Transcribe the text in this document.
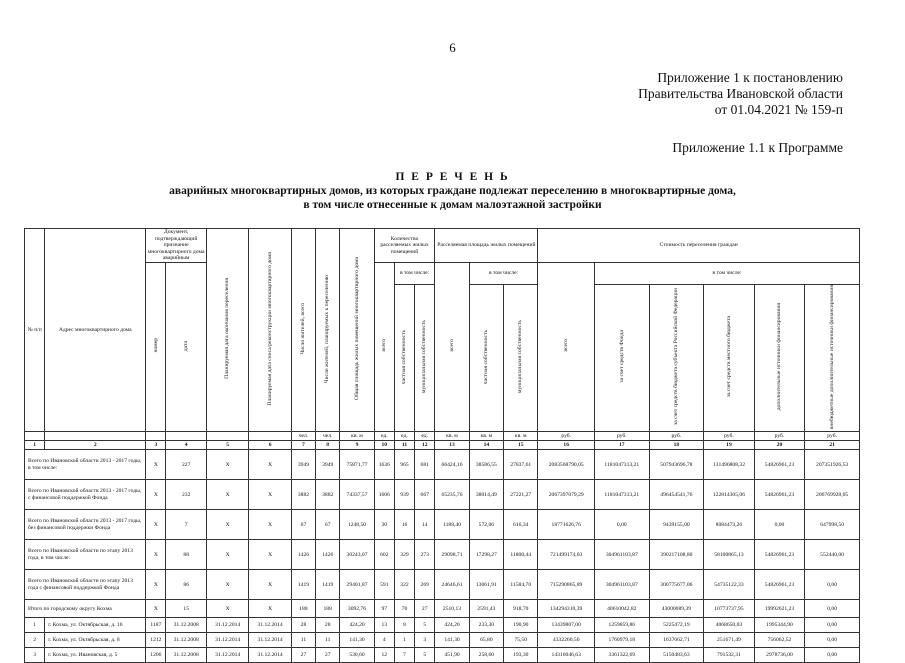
6
Приложение 1 к постановлению
Правительства Ивановской области
от 01.04.2021 № 159-п
Приложение 1.1 к Программе
П Е Р Е Ч Е Н Ь
аварийных многоквартирных домов, из которых граждане подлежат переселению в многоквартирные дома,
в том числе отнесенные к домам малоэтажной застройки
№ п/п	Адрес многоквартирного дома	Документ, подтверждающий признание многоквартирного дома аварийным		Планируемая дата окончания переселения	Планируемая дата сноса/реконструкции многоквартирного дома	Число жителей, всего	Число жителей, планируемых к переселению	Общая площадь жилых помещений многоквартирного дома	Количество расселяемых жилых помещений			Расселяемая площадь жилых помещений			Стоимость переселения граждан					
		номер	дата						всего	в том числе:		всего	в том числе:		всего	в том числе:				
										частная собственность	муниципальная собственность		частная собственность	муниципальная собственность		за счет средств Фонда	за счет средств бюджета субъекта Российской Федерации	за счет средств местного бюджета	дополнительные источники финансирования	внебюджетные дополнительные источники финансирования
						чел.	чел.	кв. м	ед.	ед.	ед.	кв. м	кв. м	кв. м	руб.	руб.	руб.	руб.	руб.	руб.
1	2	3	4	5	6	7	8	9	10	11	12	13	14	15	16	17	18	19	20	21
Всего по Ивановской области 2013 - 2017 годы, в том числе:		X	227	X	X	3949	3949	75871,77	1636	965	681	66424,16	38586,55	27837,61	2083568790,05	1181047313,21	507943696,78	131496808,32	54826961,23	207351926,53
Всего по Ивановской области 2013 - 2017 годы, с финансовой поддержкой Фонда		X	232	X	X	3882	3882	74337,57	1606	939	667	65235,76	38014,49	27221,27	2067397079,29	1181047313,21	496454541,76	122814305,06	54826961,23	206769928,05
Всего по Ивановской области 2013 - 2017 годы, без финансовой поддержки Фонда		X	7	X	X	67	67	1248,50	30	16	14	1188,40	572,06	616,34	18771626,76	0,00	9439155,00	8084473,26	0,00	647998,50
Всего по Ивановской области по этапу 2013 года, в том числе:		X	88	X	X	1426	1426	30243,07	602	329	273	29098,71	17298,27	11800,44	721499174,03	304961103,87	390217108,80	58100865,13	54826961,23	552440,00
Всего по Ивановской области по этапу 2013 года с финансовой поддержкой Фонда		X	86	X	X	1419	1419	29401,87	591	322	269	24646,61	13061,91	11584,70	715290865,89	304961103,87	300775677,06	54735122,33	54826961,23	0,00
Итого по городскому округу Кохма		X	15	X	X	188	188	3092,76	97	70	27	2510,13	2591,43	918,70	134294310,39	40610042,82	43000089,39	10773737,95	19992621,23	0,00
1	г. Кохма, ул. Октябрьская, д. 16	1187	31.12.2008	31.12.2014	31.12.2014	28	28	424,20	13	8	5	424,20	233,30	190,90	13439807,00	1259859,86	5225472,19	4068650,03	1995344,90	0,00
2	г. Кохма, ул. Октябрьская, д. 8	1212	31.12.2008	31.12.2014	31.12.2014	11	11	141,30	4	1	3	141,30	65,80	75,50	4332260,50	1760979,18	1637662,71	251671,49	756062,52	0,00
3	г. Кохма, ул. Ивановская, д. 5	1206	31.12.2008	31.12.2014	31.12.2014	27	27	530,60	12	7	5	451,90	258,60	193,30	14316046,63	3361322,69	5150483,63	791532,31	2978736,00	0,00
